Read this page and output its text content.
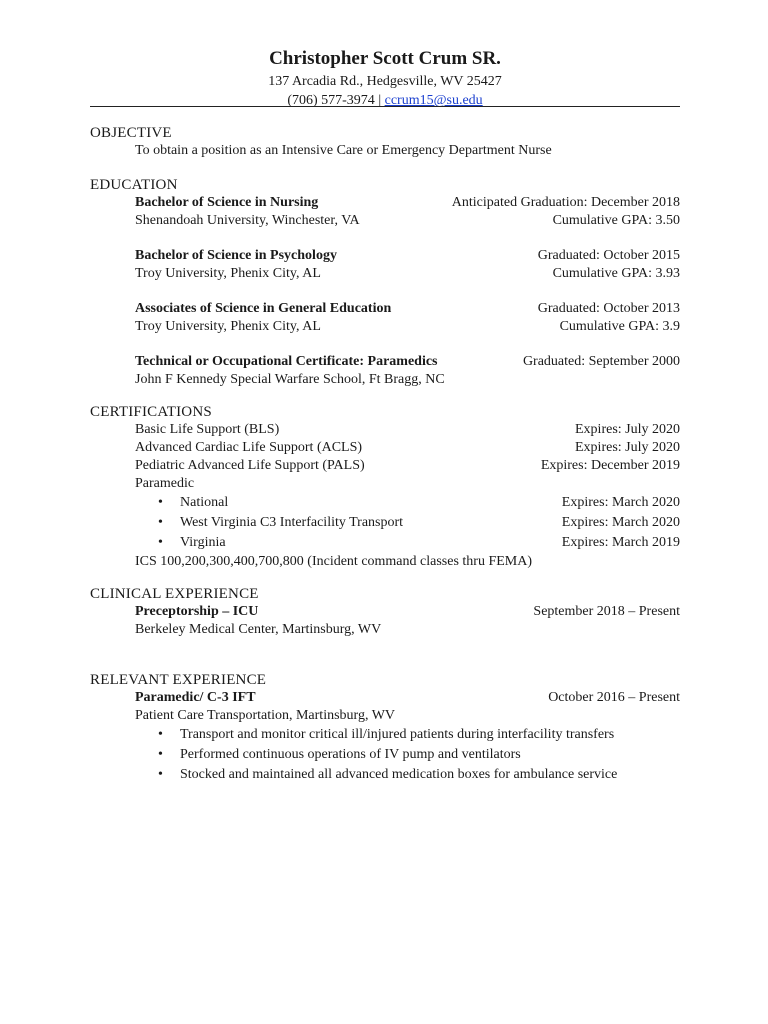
Christopher Scott Crum SR.
137 Arcadia Rd., Hedgesville, WV 25427
(706) 577-3974 | ccrum15@su.edu
OBJECTIVE
To obtain a position as an Intensive Care or Emergency Department Nurse
EDUCATION
Bachelor of Science in Nursing	Anticipated Graduation: December 2018
Shenandoah University, Winchester, VA	Cumulative GPA: 3.50
Bachelor of Science in Psychology	Graduated: October 2015
Troy University, Phenix City, AL	Cumulative GPA: 3.93
Associates of Science in General Education	Graduated: October 2013
Troy University, Phenix City, AL	Cumulative GPA: 3.9
Technical or Occupational Certificate: Paramedics	Graduated: September 2000
John F Kennedy Special Warfare School, Ft Bragg, NC
CERTIFICATIONS
Basic Life Support (BLS)	Expires: July 2020
Advanced Cardiac Life Support (ACLS)	Expires: July 2020
Pediatric Advanced Life Support (PALS)	Expires: December 2019
Paramedic
• National	Expires: March 2020
• West Virginia C3 Interfacility Transport	Expires: March 2020
• Virginia	Expires: March 2019
ICS 100,200,300,400,700,800 (Incident command classes thru FEMA)
CLINICAL EXPERIENCE
Preceptorship – ICU	September 2018 – Present
Berkeley Medical Center, Martinsburg, WV
RELEVANT EXPERIENCE
Paramedic/ C-3 IFT	October 2016 – Present
Patient Care Transportation, Martinsburg, WV
• Transport and monitor critical ill/injured patients during interfacility transfers
• Performed continuous operations of IV pump and ventilators
• Stocked and maintained all advanced medication boxes for ambulance service
